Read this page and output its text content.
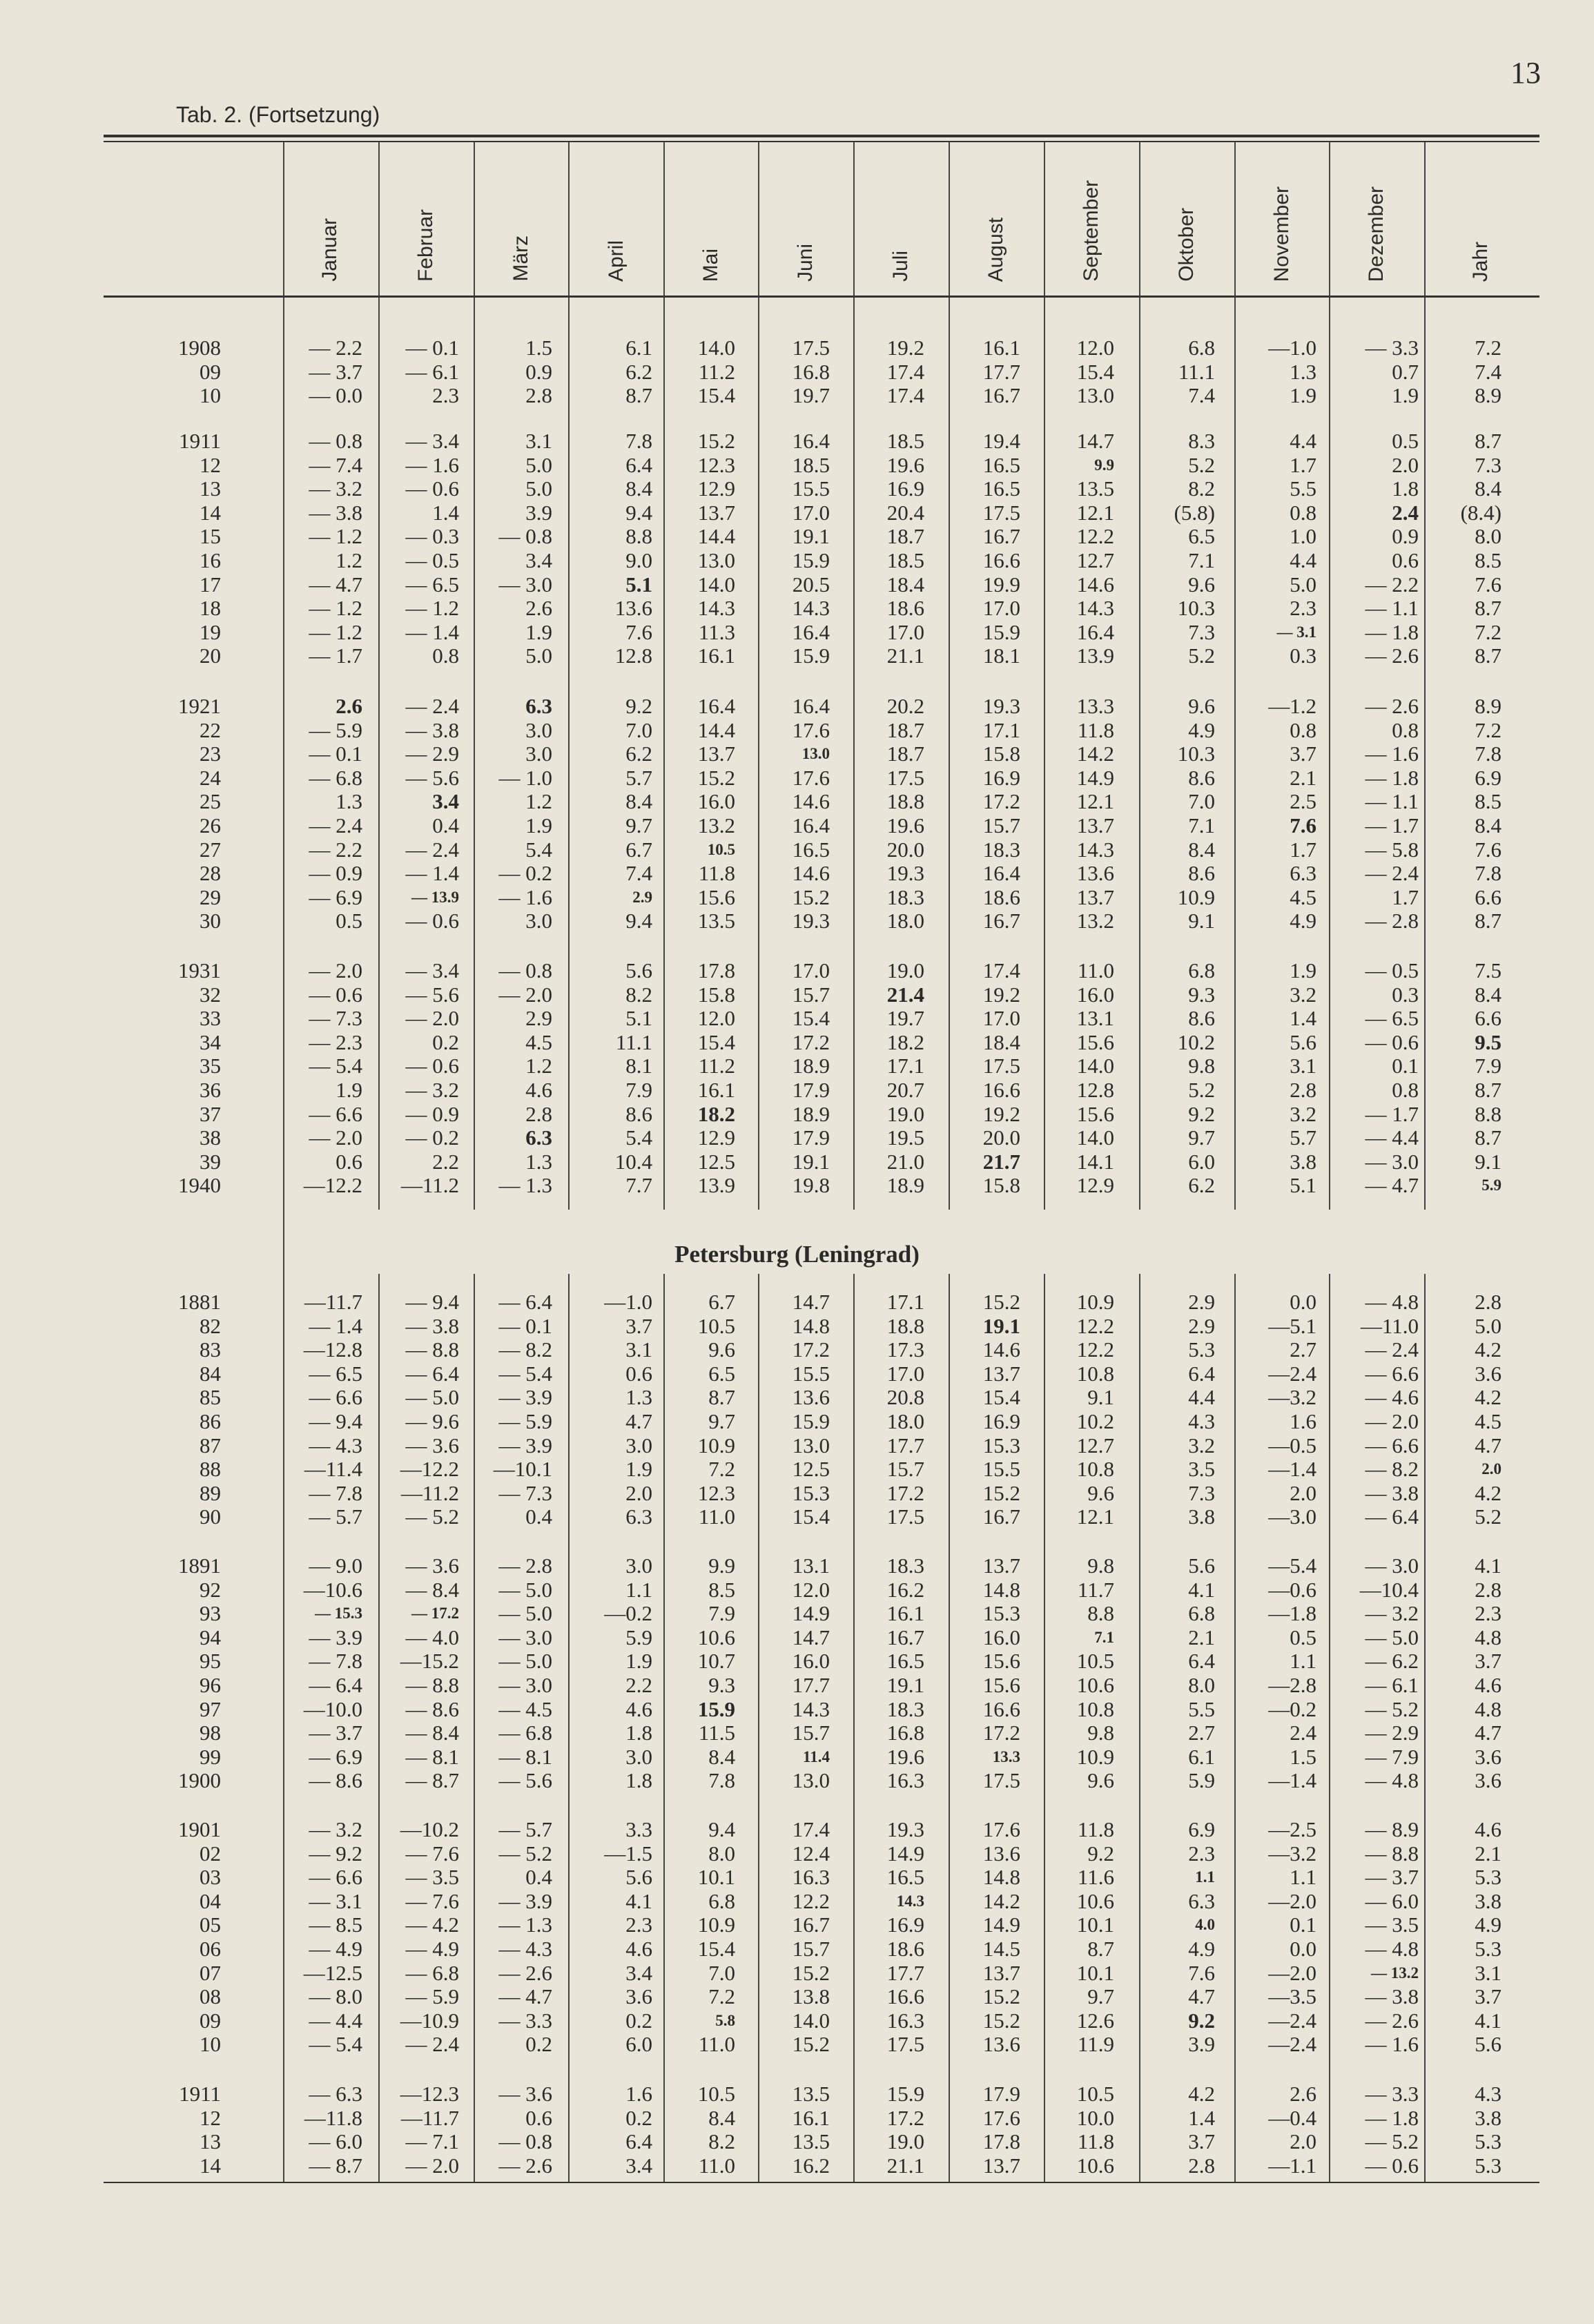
13
Tab. 2. (Fortsetzung)
Petersburg (Leningrad)
Januar	Februar	März	April	Mai	Juni	Juli	August	September	Oktober	November	Dezember	Jahr
1908	— 2.2	— 0.1	1.5	6.1	14.0	17.5	19.2	16.1	12.0	6.8	—1.0	— 3.3	7.2
09	— 3.7	— 6.1	0.9	6.2	11.2	16.8	17.4	17.7	15.4	11.1	1.3	0.7	7.4
10	— 0.0	2.3	2.8	8.7	15.4	19.7	17.4	16.7	13.0	7.4	1.9	1.9	8.9
1911	— 0.8	— 3.4	3.1	7.8	15.2	16.4	18.5	19.4	14.7	8.3	4.4	0.5	8.7
12	— 7.4	— 1.6	5.0	6.4	12.3	18.5	19.6	16.5	9.9	5.2	1.7	2.0	7.3
13	— 3.2	— 0.6	5.0	8.4	12.9	15.5	16.9	16.5	13.5	8.2	5.5	1.8	8.4
14	— 3.8	1.4	3.9	9.4	13.7	17.0	20.4	17.5	12.1	(5.8)	0.8	2.4	(8.4)
15	— 1.2	— 0.3	— 0.8	8.8	14.4	19.1	18.7	16.7	12.2	6.5	1.0	0.9	8.0
16	1.2	— 0.5	3.4	9.0	13.0	15.9	18.5	16.6	12.7	7.1	4.4	0.6	8.5
17	— 4.7	— 6.5	— 3.0	5.1	14.0	20.5	18.4	19.9	14.6	9.6	5.0	— 2.2	7.6
18	— 1.2	— 1.2	2.6	13.6	14.3	14.3	18.6	17.0	14.3	10.3	2.3	— 1.1	8.7
19	— 1.2	— 1.4	1.9	7.6	11.3	16.4	17.0	15.9	16.4	7.3	— 3.1	— 1.8	7.2
20	— 1.7	0.8	5.0	12.8	16.1	15.9	21.1	18.1	13.9	5.2	0.3	— 2.6	8.7
1921	2.6	— 2.4	6.3	9.2	16.4	16.4	20.2	19.3	13.3	9.6	—1.2	— 2.6	8.9
22	— 5.9	— 3.8	3.0	7.0	14.4	17.6	18.7	17.1	11.8	4.9	0.8	0.8	7.2
23	— 0.1	— 2.9	3.0	6.2	13.7	13.0	18.7	15.8	14.2	10.3	3.7	— 1.6	7.8
24	— 6.8	— 5.6	— 1.0	5.7	15.2	17.6	17.5	16.9	14.9	8.6	2.1	— 1.8	6.9
25	1.3	3.4	1.2	8.4	16.0	14.6	18.8	17.2	12.1	7.0	2.5	— 1.1	8.5
26	— 2.4	0.4	1.9	9.7	13.2	16.4	19.6	15.7	13.7	7.1	7.6	— 1.7	8.4
27	— 2.2	— 2.4	5.4	6.7	10.5	16.5	20.0	18.3	14.3	8.4	1.7	— 5.8	7.6
28	— 0.9	— 1.4	— 0.2	7.4	11.8	14.6	19.3	16.4	13.6	8.6	6.3	— 2.4	7.8
29	— 6.9	— 13.9	— 1.6	2.9	15.6	15.2	18.3	18.6	13.7	10.9	4.5	1.7	6.6
30	0.5	— 0.6	3.0	9.4	13.5	19.3	18.0	16.7	13.2	9.1	4.9	— 2.8	8.7
1931	— 2.0	— 3.4	— 0.8	5.6	17.8	17.0	19.0	17.4	11.0	6.8	1.9	— 0.5	7.5
32	— 0.6	— 5.6	— 2.0	8.2	15.8	15.7	21.4	19.2	16.0	9.3	3.2	0.3	8.4
33	— 7.3	— 2.0	2.9	5.1	12.0	15.4	19.7	17.0	13.1	8.6	1.4	— 6.5	6.6
34	— 2.3	0.2	4.5	11.1	15.4	17.2	18.2	18.4	15.6	10.2	5.6	— 0.6	9.5
35	— 5.4	— 0.6	1.2	8.1	11.2	18.9	17.1	17.5	14.0	9.8	3.1	0.1	7.9
36	1.9	— 3.2	4.6	7.9	16.1	17.9	20.7	16.6	12.8	5.2	2.8	0.8	8.7
37	— 6.6	— 0.9	2.8	8.6	18.2	18.9	19.0	19.2	15.6	9.2	3.2	— 1.7	8.8
38	— 2.0	— 0.2	6.3	5.4	12.9	17.9	19.5	20.0	14.0	9.7	5.7	— 4.4	8.7
39	0.6	2.2	1.3	10.4	12.5	19.1	21.0	21.7	14.1	6.0	3.8	— 3.0	9.1
1940	—12.2	—11.2	— 1.3	7.7	13.9	19.8	18.9	15.8	12.9	6.2	5.1	— 4.7	5.9
1881	—11.7	— 9.4	— 6.4	—1.0	6.7	14.7	17.1	15.2	10.9	2.9	0.0	— 4.8	2.8
82	— 1.4	— 3.8	— 0.1	3.7	10.5	14.8	18.8	19.1	12.2	2.9	—5.1	—11.0	5.0
83	—12.8	— 8.8	— 8.2	3.1	9.6	17.2	17.3	14.6	12.2	5.3	2.7	— 2.4	4.2
84	— 6.5	— 6.4	— 5.4	0.6	6.5	15.5	17.0	13.7	10.8	6.4	—2.4	— 6.6	3.6
85	— 6.6	— 5.0	— 3.9	1.3	8.7	13.6	20.8	15.4	9.1	4.4	—3.2	— 4.6	4.2
86	— 9.4	— 9.6	— 5.9	4.7	9.7	15.9	18.0	16.9	10.2	4.3	1.6	— 2.0	4.5
87	— 4.3	— 3.6	— 3.9	3.0	10.9	13.0	17.7	15.3	12.7	3.2	—0.5	— 6.6	4.7
88	—11.4	—12.2	—10.1	1.9	7.2	12.5	15.7	15.5	10.8	3.5	—1.4	— 8.2	2.0
89	— 7.8	—11.2	— 7.3	2.0	12.3	15.3	17.2	15.2	9.6	7.3	2.0	— 3.8	4.2
90	— 5.7	— 5.2	0.4	6.3	11.0	15.4	17.5	16.7	12.1	3.8	—3.0	— 6.4	5.2
1891	— 9.0	— 3.6	— 2.8	3.0	9.9	13.1	18.3	13.7	9.8	5.6	—5.4	— 3.0	4.1
92	—10.6	— 8.4	— 5.0	1.1	8.5	12.0	16.2	14.8	11.7	4.1	—0.6	—10.4	2.8
93	— 15.3	— 17.2	— 5.0	—0.2	7.9	14.9	16.1	15.3	8.8	6.8	—1.8	— 3.2	2.3
94	— 3.9	— 4.0	— 3.0	5.9	10.6	14.7	16.7	16.0	7.1	2.1	0.5	— 5.0	4.8
95	— 7.8	—15.2	— 5.0	1.9	10.7	16.0	16.5	15.6	10.5	6.4	1.1	— 6.2	3.7
96	— 6.4	— 8.8	— 3.0	2.2	9.3	17.7	19.1	15.6	10.6	8.0	—2.8	— 6.1	4.6
97	—10.0	— 8.6	— 4.5	4.6	15.9	14.3	18.3	16.6	10.8	5.5	—0.2	— 5.2	4.8
98	— 3.7	— 8.4	— 6.8	1.8	11.5	15.7	16.8	17.2	9.8	2.7	2.4	— 2.9	4.7
99	— 6.9	— 8.1	— 8.1	3.0	8.4	11.4	19.6	13.3	10.9	6.1	1.5	— 7.9	3.6
1900	— 8.6	— 8.7	— 5.6	1.8	7.8	13.0	16.3	17.5	9.6	5.9	—1.4	— 4.8	3.6
1901	— 3.2	—10.2	— 5.7	3.3	9.4	17.4	19.3	17.6	11.8	6.9	—2.5	— 8.9	4.6
02	— 9.2	— 7.6	— 5.2	—1.5	8.0	12.4	14.9	13.6	9.2	2.3	—3.2	— 8.8	2.1
03	— 6.6	— 3.5	0.4	5.6	10.1	16.3	16.5	14.8	11.6	1.1	1.1	— 3.7	5.3
04	— 3.1	— 7.6	— 3.9	4.1	6.8	12.2	14.3	14.2	10.6	6.3	—2.0	— 6.0	3.8
05	— 8.5	— 4.2	— 1.3	2.3	10.9	16.7	16.9	14.9	10.1	4.0	0.1	— 3.5	4.9
06	— 4.9	— 4.9	— 4.3	4.6	15.4	15.7	18.6	14.5	8.7	4.9	0.0	— 4.8	5.3
07	—12.5	— 6.8	— 2.6	3.4	7.0	15.2	17.7	13.7	10.1	7.6	—2.0	— 13.2	3.1
08	— 8.0	— 5.9	— 4.7	3.6	7.2	13.8	16.6	15.2	9.7	4.7	—3.5	— 3.8	3.7
09	— 4.4	—10.9	— 3.3	0.2	5.8	14.0	16.3	15.2	12.6	9.2	—2.4	— 2.6	4.1
10	— 5.4	— 2.4	0.2	6.0	11.0	15.2	17.5	13.6	11.9	3.9	—2.4	— 1.6	5.6
1911	— 6.3	—12.3	— 3.6	1.6	10.5	13.5	15.9	17.9	10.5	4.2	2.6	— 3.3	4.3
12	—11.8	—11.7	0.6	0.2	8.4	16.1	17.2	17.6	10.0	1.4	—0.4	— 1.8	3.8
13	— 6.0	— 7.1	— 0.8	6.4	8.2	13.5	19.0	17.8	11.8	3.7	2.0	— 5.2	5.3
14	— 8.7	— 2.0	— 2.6	3.4	11.0	16.2	21.1	13.7	10.6	2.8	—1.1	— 0.6	5.3
